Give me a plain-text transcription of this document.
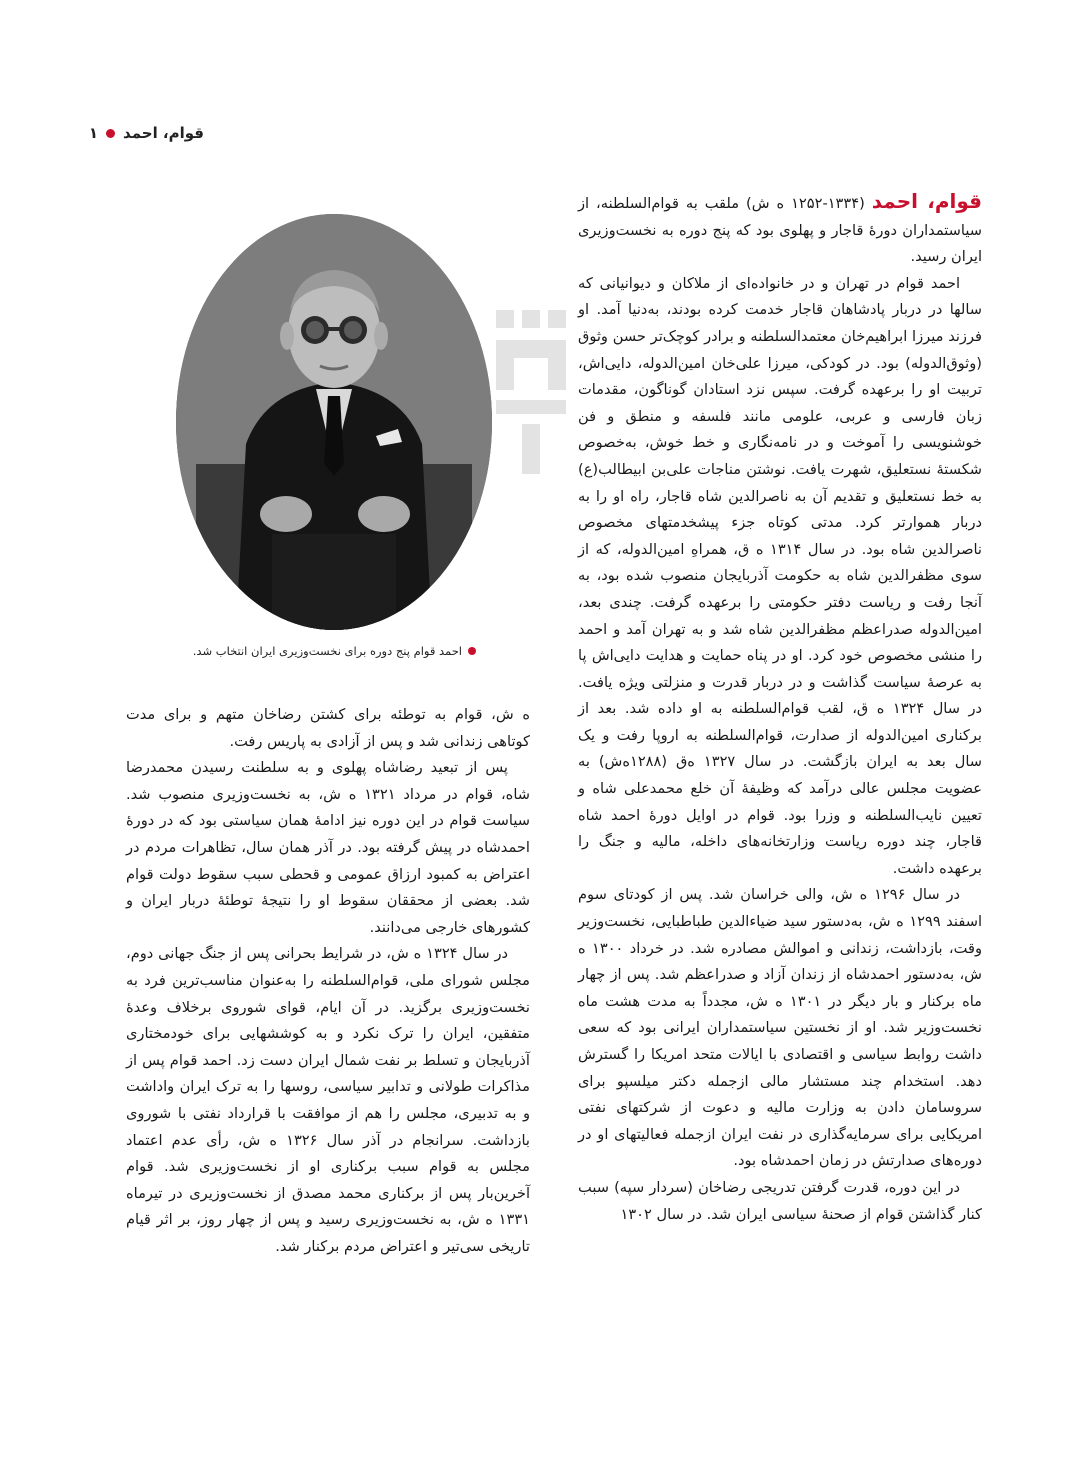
قوام، احمد
۱
احمد قوام پنج دوره برای نخست‌وزیری ایران انتخاب شد.

قوام، احمد (۱۳۳۴-۱۲۵۲ ه ش) ملقب به قوام‌السلطنه، از سیاستمداران دورهٔ قاجار و پهلوی بود که پنج دوره به نخست‌وزیری ایران رسید.

احمد قوام در تهران و در خانواده‌ای از ملاکان و دیوانیانی که سالها در دربار پادشاهان قاجار خدمت کرده بودند، به‌دنیا آمد. او فرزند میرزا ابراهیم‌خان معتمدالسلطنه و برادر کوچک‌تر حسن وثوق (وثوق‌الدوله) بود. در کودکی، میرزا علی‌خان امین‌الدوله، دایی‌اش، تربیت او را برعهده گرفت. سپس نزد استادان گوناگون، مقدمات زبان فارسی و عربی، علومی مانند فلسفه و منطق و فن خوشنویسی را آموخت و در نامه‌نگاری و خط خوش، به‌خصوص شکستهٔ نستعلیق، شهرت یافت. نوشتن مناجات علی‌بن ابیطالب(ع) به خط نستعلیق و تقدیم آن به ناصرالدین شاه قاجار، راه او را به دربار هموارتر کرد. مدتی کوتاه جزء پیشخدمتهای مخصوص ناصرالدین شاه بود. در سال ۱۳۱۴ ه ق، همراهِ امین‌الدوله، که از سوی مظفرالدین شاه به حکومت آذربایجان منصوب شده بود، به آنجا رفت و ریاست دفتر حکومتی را برعهده گرفت. چندی بعد، امین‌الدوله صدراعظم مظفرالدین شاه شد و به تهران آمد و احمد را منشی مخصوص خود کرد. او در پناه حمایت و هدایت دایی‌اش پا به عرصهٔ سیاست گذاشت و در دربار قدرت و منزلتی ویژه یافت. در سال ۱۳۲۴ ه ق، لقب قوام‌السلطنه به او داده شد. بعد از برکناری امین‌الدوله از صدارت، قوام‌السلطنه به اروپا رفت و یک سال بعد به ایران بازگشت. در سال ۱۳۲۷ ه‌ق (۱۲۸۸ه‌ش) به عضویت مجلس عالی درآمد که وظیفهٔ آن خلع محمدعلی شاه و تعیین نایب‌السلطنه و وزرا بود. قوام در اوایل دورهٔ احمد شاه قاجار، چند دوره ریاست وزارتخانه‌های داخله، مالیه و جنگ را برعهده داشت.

در سال ۱۲۹۶ ه ش، والی خراسان شد. پس از کودتای سوم اسفند ۱۲۹۹ ه ش، به‌دستور سید ضیاءالدین طباطبایی، نخست‌وزیر وقت، بازداشت، زندانی و اموالش مصادره شد. در خرداد ۱۳۰۰ ه ش، به‌دستور احمدشاه از زندان آزاد و صدراعظم شد. پس از چهار ماه برکنار و بار دیگر در ۱۳۰۱ ه ش، مجدداً به مدت هشت ماه نخست‌وزیر شد. او از نخستین سیاستمداران ایرانی بود که سعی داشت روابط سیاسی و اقتصادی با ایالات متحد امریکا را گسترش دهد. استخدام چند مستشار مالی ازجمله دکتر میلسپو برای سروسامان دادن به وزارت مالیه و دعوت از شرکتهای نفتی امریکایی برای سرمایه‌گذاری در نفت ایران ازجمله فعالیتهای او در دوره‌های صدارتش در زمان احمدشاه بود.

در این دوره، قدرت گرفتن تدریجی رضاخان (سردار سپه) سبب کنار گذاشتن قوام از صحنهٔ سیاسی ایران شد. در سال ۱۳۰۲

ه ش، قوام به توطئه برای کشتن رضاخان متهم و برای مدت کوتاهی زندانی شد و پس از آزادی به پاریس رفت.

پس از تبعید رضاشاه پهلوی و به سلطنت رسیدن محمدرضا شاه، قوام در مرداد ۱۳۲۱ ه ش، به نخست‌وزیری منصوب شد. سیاست قوام در این دوره نیز ادامهٔ همان سیاستی بود که در دورهٔ احمدشاه در پیش گرفته بود. در آذر همان سال، تظاهرات مردم در اعتراض به کمبود ارزاق عمومی و قحطی سبب سقوط دولت قوام شد. بعضی از محققان سقوط او را نتیجهٔ توطئهٔ دربار ایران و کشورهای خارجی می‌دانند.

در سال ۱۳۲۴ ه ش، در شرایط بحرانی پس از جنگ جهانی دوم، مجلس شورای ملی، قوام‌السلطنه را به‌عنوان مناسب‌ترین فرد به نخست‌وزیری برگزید. در آن ایام، قوای شوروی برخلاف وعدهٔ متفقین، ایران را ترک نکرد و به کوششهایی برای خودمختاری آذربایجان و تسلط بر نفت شمال ایران دست زد. احمد قوام پس از مذاکرات طولانی و تدابیر سیاسی، روسها را به ترک ایران واداشت و به تدبیری، مجلس را هم از موافقت با قرارداد نفتی با شوروی بازداشت. سرانجام در آذر سال ۱۳۲۶ ه ش، رأی عدم اعتماد مجلس به قوام سبب برکناری او از نخست‌وزیری شد. قوام آخرین‌بار پس از برکناری محمد مصدق از نخست‌وزیری در تیرماه ۱۳۳۱ ه ش، به نخست‌وزیری رسید و پس از چهار روز، بر اثر قیام تاریخی سی‌تیر و اعتراض مردم برکنار شد.
